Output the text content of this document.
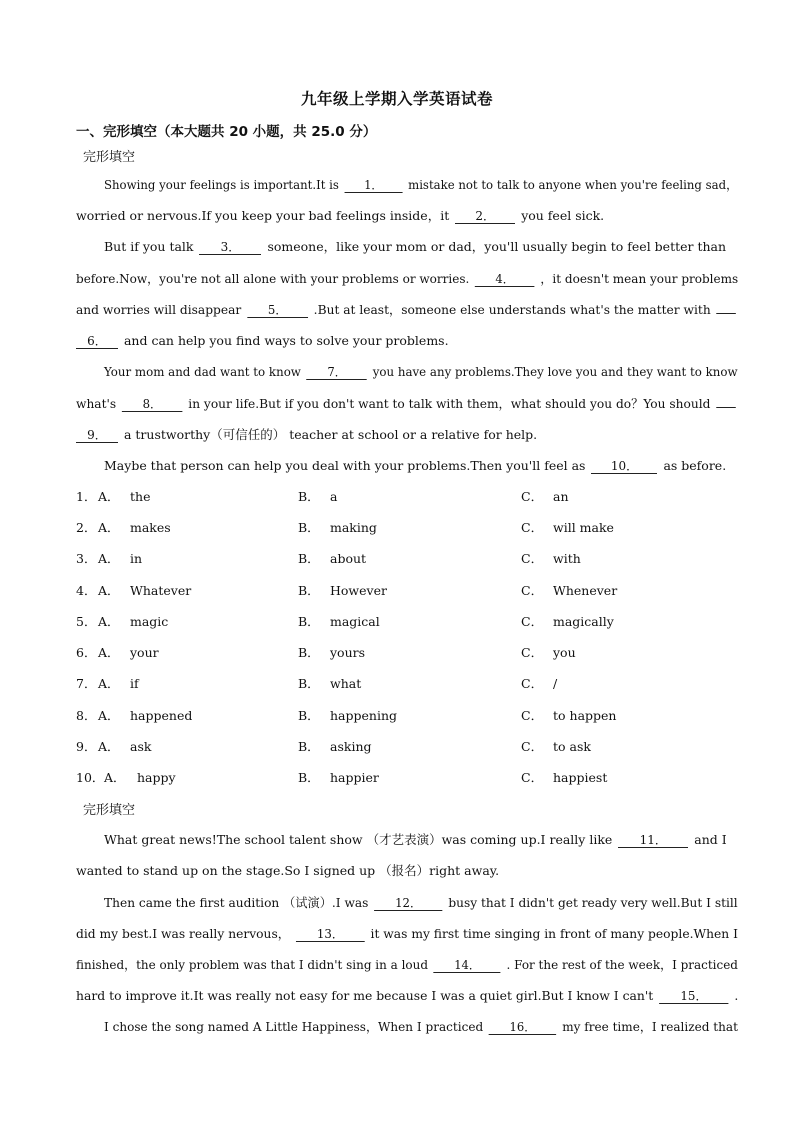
九年级上学期入学英语试卷
一、完形填空（本大题共 20 小题，共 25.0 分）
完形填空
Showing your feelings is important.It is 1． mistake not to talk to anyone when you're feeling sad，
worried or nervous.If you keep your bad feelings inside，it 2． you feel sick.
But if you talk 3． someone，like your mom or dad，you'll usually begin to feel better than
before.Now，you're not all alone with your problems or worries. 4． ，it doesn't mean your problems
and worries will disappear 5． .But at least，someone else understands what's the matter with
6． and can help you find ways to solve your problems.
Your mom and dad want to know 7． you have any problems.They love you and they want to know
what's 8． in your life.But if you don't want to talk with them，what should you do？You should
9． a trustworthy（可信任的） teacher at school or a relative for help.
Maybe that person can help you deal with your problems.Then you'll feel as 10． as before.
1． A． the	B． a	C． an
2． A． makes	B． making	C． will make
3． A． in	B． about	C． with
4． A． Whatever	B． However	C． Whenever
5． A． magic	B． magical	C． magically
6． A． your	B． yours	C． you
7． A． if	B． what	C． /
8． A． happened	B． happening	C． to happen
9． A． ask	B． asking	C． to ask
10． A． happy	B． happier	C． happiest
完形填空
What great news!The school talent show （才艺表演）was coming up.I really like 11． and I
wanted to stand up on the stage.So I signed up （报名）right away.
Then came the first audition （试演）.I was 12． busy that I didn't get ready very well.But I still
did my best.I was really nervous， 13． it was my first time singing in front of many people.When I
finished，the only problem was that I didn't sing in a loud 14． . For the rest of the week，I practiced
hard to improve it.It was really not easy for me because I was a quiet girl.But I know I can't 15． .
I chose the song named A Little Happiness，When I practiced 16． my free time，I realized that
